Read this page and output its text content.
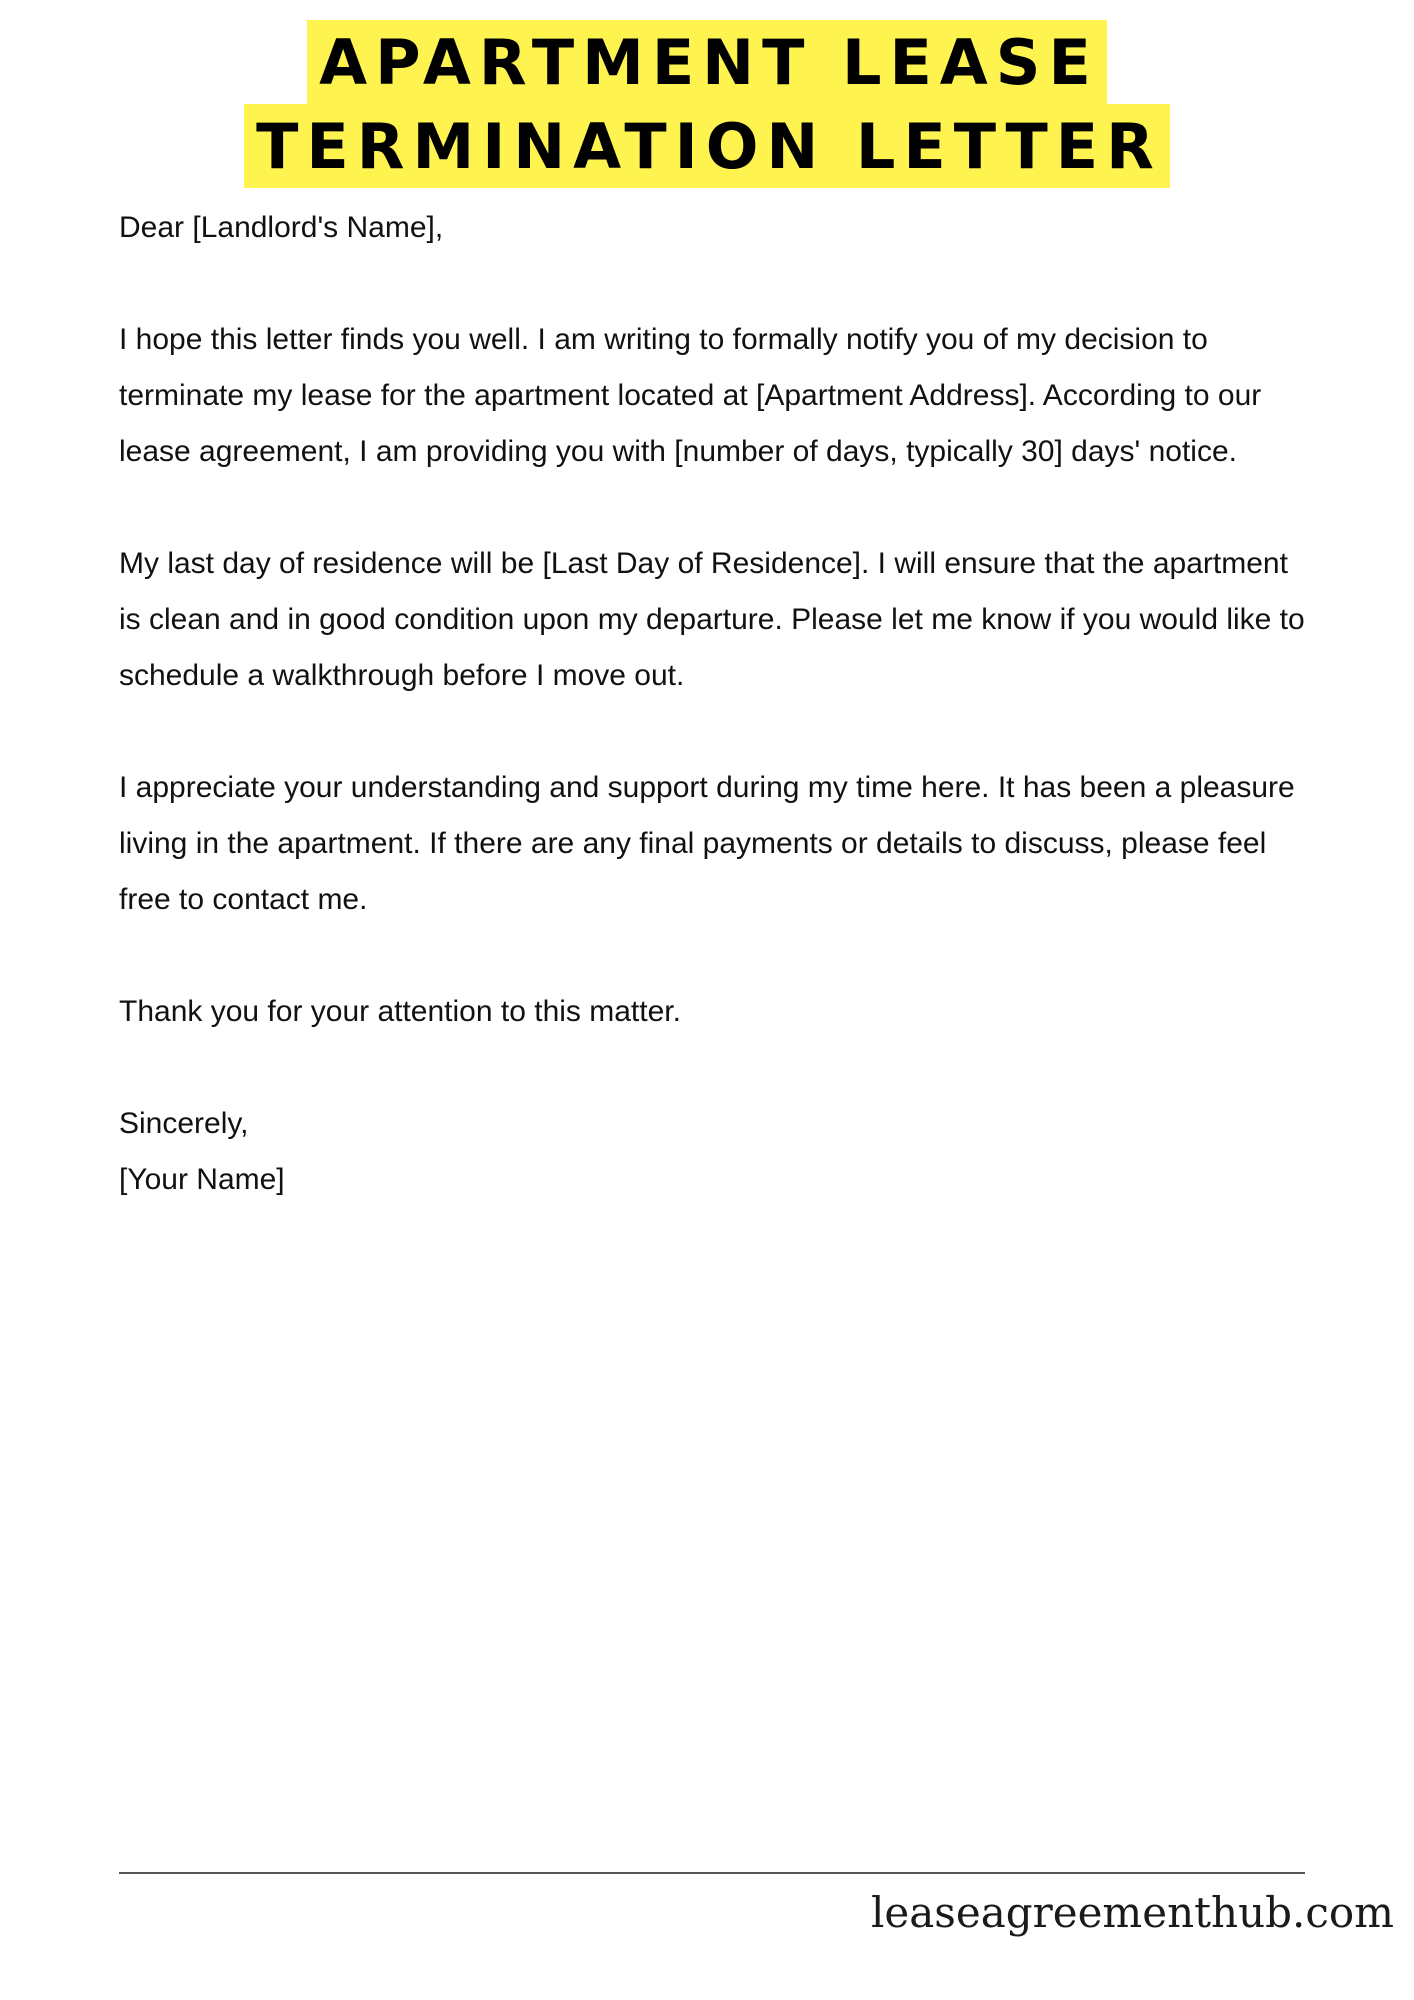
APARTMENT LEASE
TERMINATION LETTER

Dear [Landlord's Name],

I hope this letter finds you well. I am writing to formally notify you of my decision to terminate my lease for the apartment located at [Apartment Address]. According to our lease agreement, I am providing you with [number of days, typically 30] days' notice.

My last day of residence will be [Last Day of Residence]. I will ensure that the apartment is clean and in good condition upon my departure. Please let me know if you would like to schedule a walkthrough before I move out.

I appreciate your understanding and support during my time here. It has been a pleasure living in the apartment. If there are any final payments or details to discuss, please feel free to contact me.

Thank you for your attention to this matter.

Sincerely,
[Your Name]
leaseagreementhub.com
